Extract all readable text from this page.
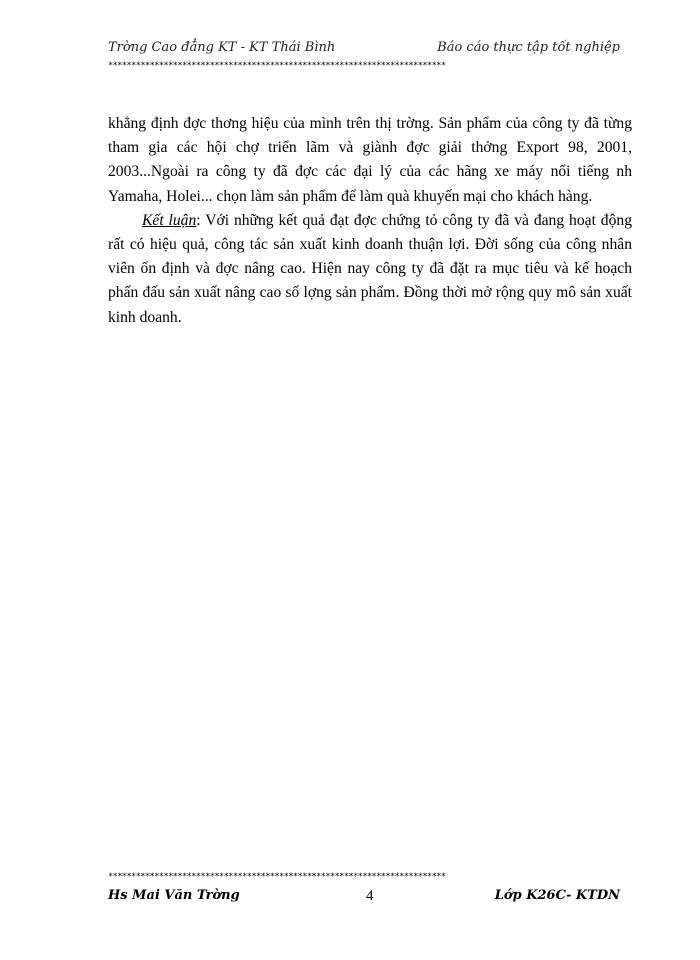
Trờng Cao đẳng KT - KT Thái Bình	Báo cáo thực tập tốt nghiệp
*************************************************************************

khẳng định đợc thơng hiệu của mình trên thị trờng. Sản phẩm của công ty đã từng tham gia các hội chợ triển lãm và giành đợc giải thởng Export 98, 2001, 2003...Ngoài ra công ty đã đợc các đại lý của các hãng xe máy nổi tiếng nh Yamaha, Holei... chọn làm sản phẩm để làm quà khuyến mại cho khách hàng.

Kết luận: Với những kết quả đạt đợc chứng tỏ công ty đã và đang hoạt động rất có hiệu quả, công tác sản xuất kinh doanh thuận lợi. Đời sống của công nhân viên ổn định và đợc nâng cao. Hiện nay công ty đã đặt ra mục tiêu và kế hoạch phấn đấu sản xuất nâng cao số lợng sản phẩm. Đồng thời mở rộng quy mô sản xuất kinh doanh.

*************************************************************************
Hs Mai Văn Trờng	4	Lớp K26C- KTDN
